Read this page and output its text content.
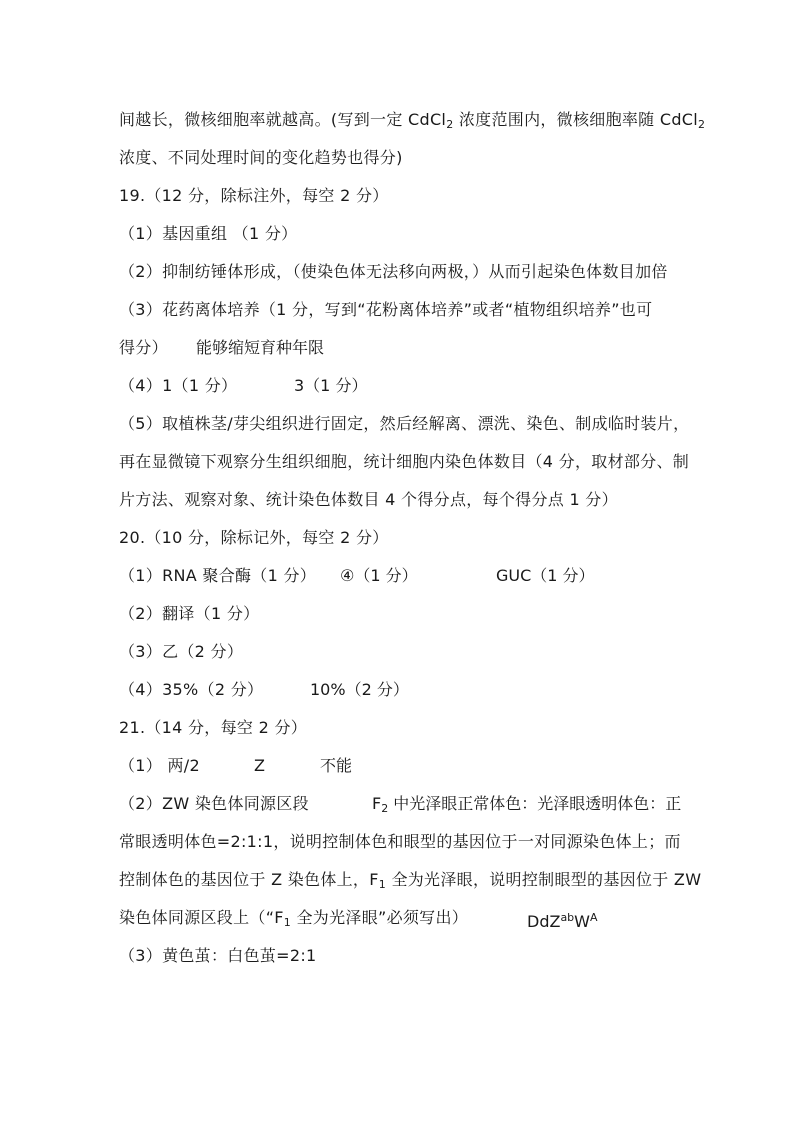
间越长，微核细胞率就越高。(写到一定 CdCl$_2$ 浓度范围内，微核细胞率随 CdCl$_2$
浓度、不同处理时间的变化趋势也得分)
19.（12 分，除标注外，每空 2 分）
（1）基因重组 （1 分）
（2）抑制纺锤体形成，（使染色体无法移向两极，）从而引起染色体数目加倍
（3）花药离体培养（1 分，写到“花粉离体培养”或者“植物组织培养”也可
得分） 能够缩短育种年限
（4）1（1 分）	3（1 分）
（5）取植株茎/芽尖组织进行固定，然后经解离、漂洗、染色、制成临时装片，
再在显微镜下观察分生组织细胞，统计细胞内染色体数目（4 分，取材部分、制
片方法、观察对象、统计染色体数目 4 个得分点，每个得分点 1 分）
20.（10 分，除标记外，每空 2 分）
（1）RNA 聚合酶（1 分） ④（1 分）	GUC（1 分）
（2）翻译（1 分）
（3）乙（2 分）
（4）35%（2 分）	10%（2 分）
21.（14 分，每空 2 分）
（1） 两/2	Z	不能
（2）ZW 染色体同源区段	$F_2$ 中光泽眼正常体色：光泽眼透明体色：正
常眼透明体色=2:1:1，说明控制体色和眼型的基因位于一对同源染色体上；而
控制体色的基因位于 Z 染色体上，$F_1$ 全为光泽眼，说明控制眼型的基因位于 ZW
染色体同源区段上（“$F_1$ 全为光泽眼”必须写出）	$DdZ^{ab}W^A$
（3）黄色茧：白色茧=2:1
